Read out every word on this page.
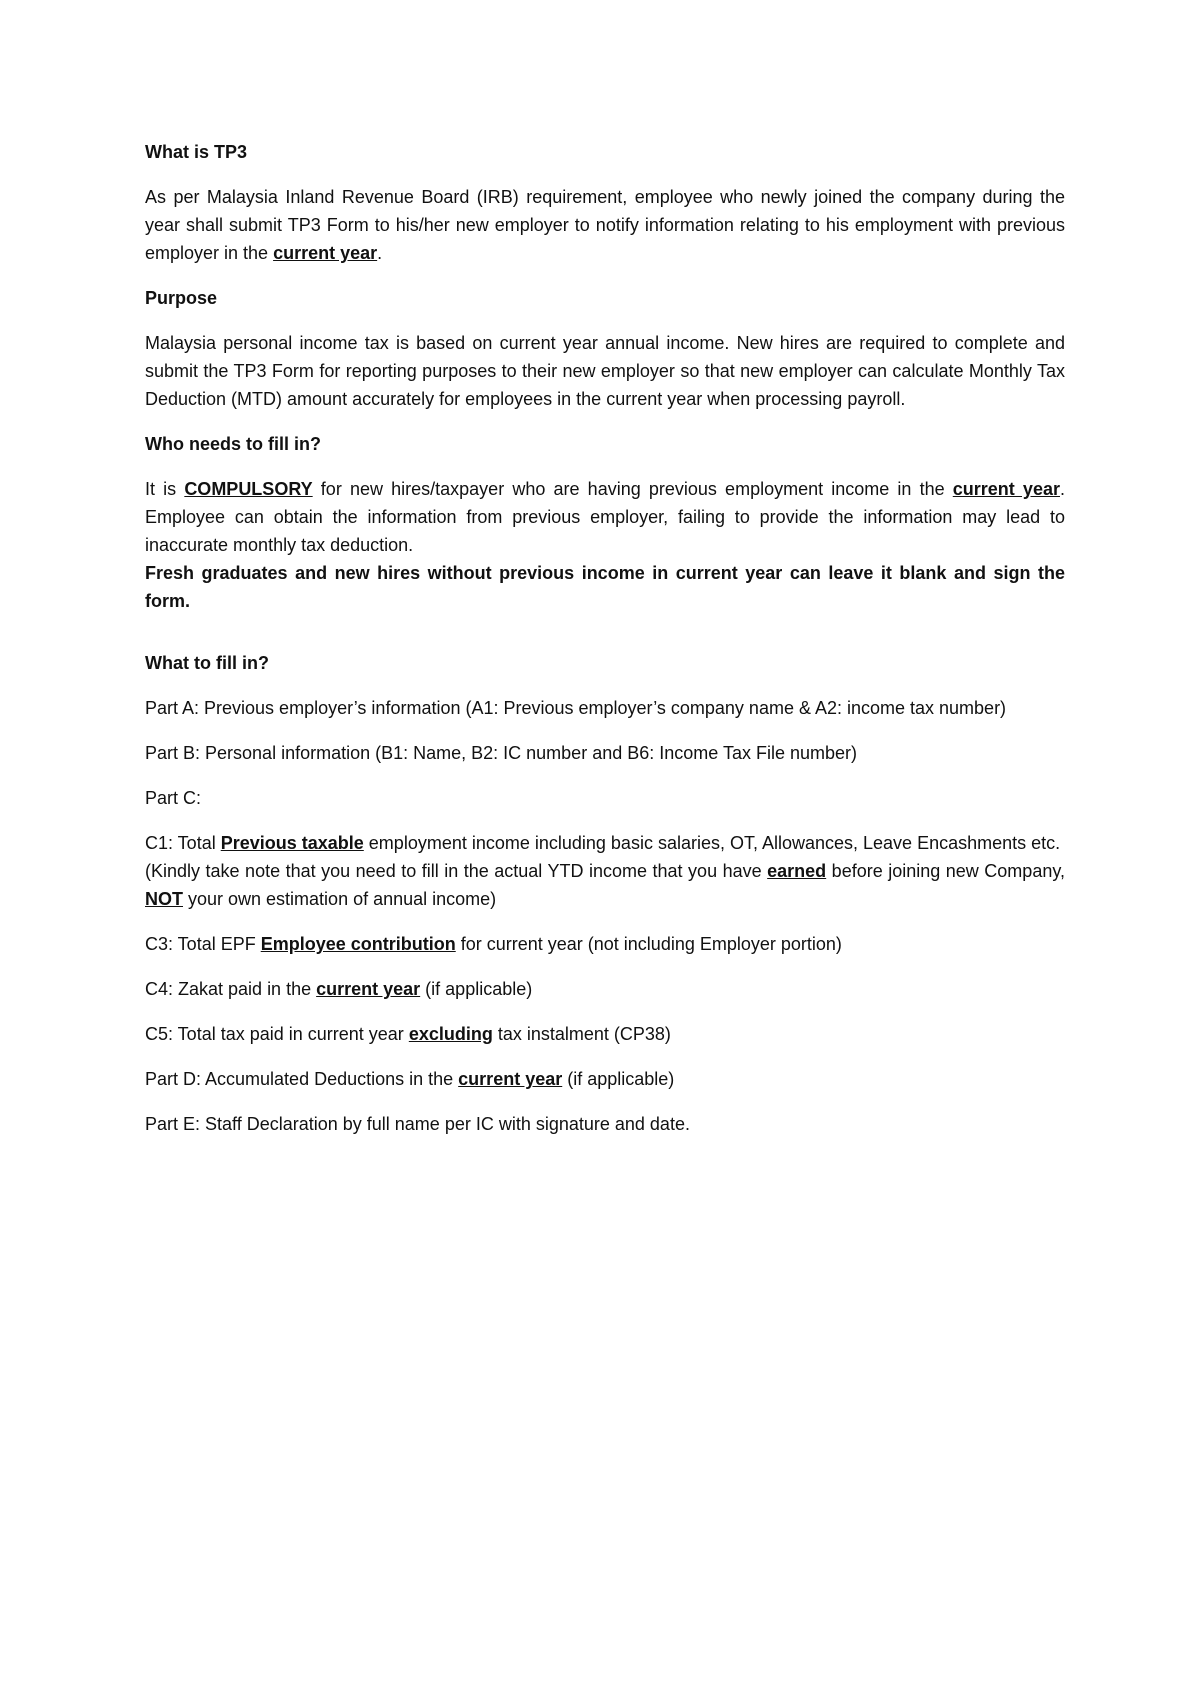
What is TP3
As per Malaysia Inland Revenue Board (IRB) requirement, employee who newly joined the company during the year shall submit TP3 Form to his/her new employer to notify information relating to his employment with previous employer in the current year.
Purpose
Malaysia personal income tax is based on current year annual income. New hires are required to complete and submit the TP3 Form for reporting purposes to their new employer so that new employer can calculate Monthly Tax Deduction (MTD) amount accurately for employees in the current year when processing payroll.
Who needs to fill in?
It is COMPULSORY for new hires/taxpayer who are having previous employment income in the current year. Employee can obtain the information from previous employer, failing to provide the information may lead to inaccurate monthly tax deduction.
Fresh graduates and new hires without previous income in current year can leave it blank and sign the form.
What to fill in?
Part A: Previous employer’s information (A1: Previous employer’s company name & A2: income tax number)
Part B: Personal information (B1: Name, B2: IC number and B6: Income Tax File number)
Part C:
C1: Total Previous taxable employment income including basic salaries, OT, Allowances, Leave Encashments etc.
(Kindly take note that you need to fill in the actual YTD income that you have earned before joining new Company, NOT your own estimation of annual income)
C3: Total EPF Employee contribution for current year (not including Employer portion)
C4: Zakat paid in the current year (if applicable)
C5: Total tax paid in current year excluding tax instalment (CP38)
Part D: Accumulated Deductions in the current year (if applicable)
Part E: Staff Declaration by full name per IC with signature and date.
